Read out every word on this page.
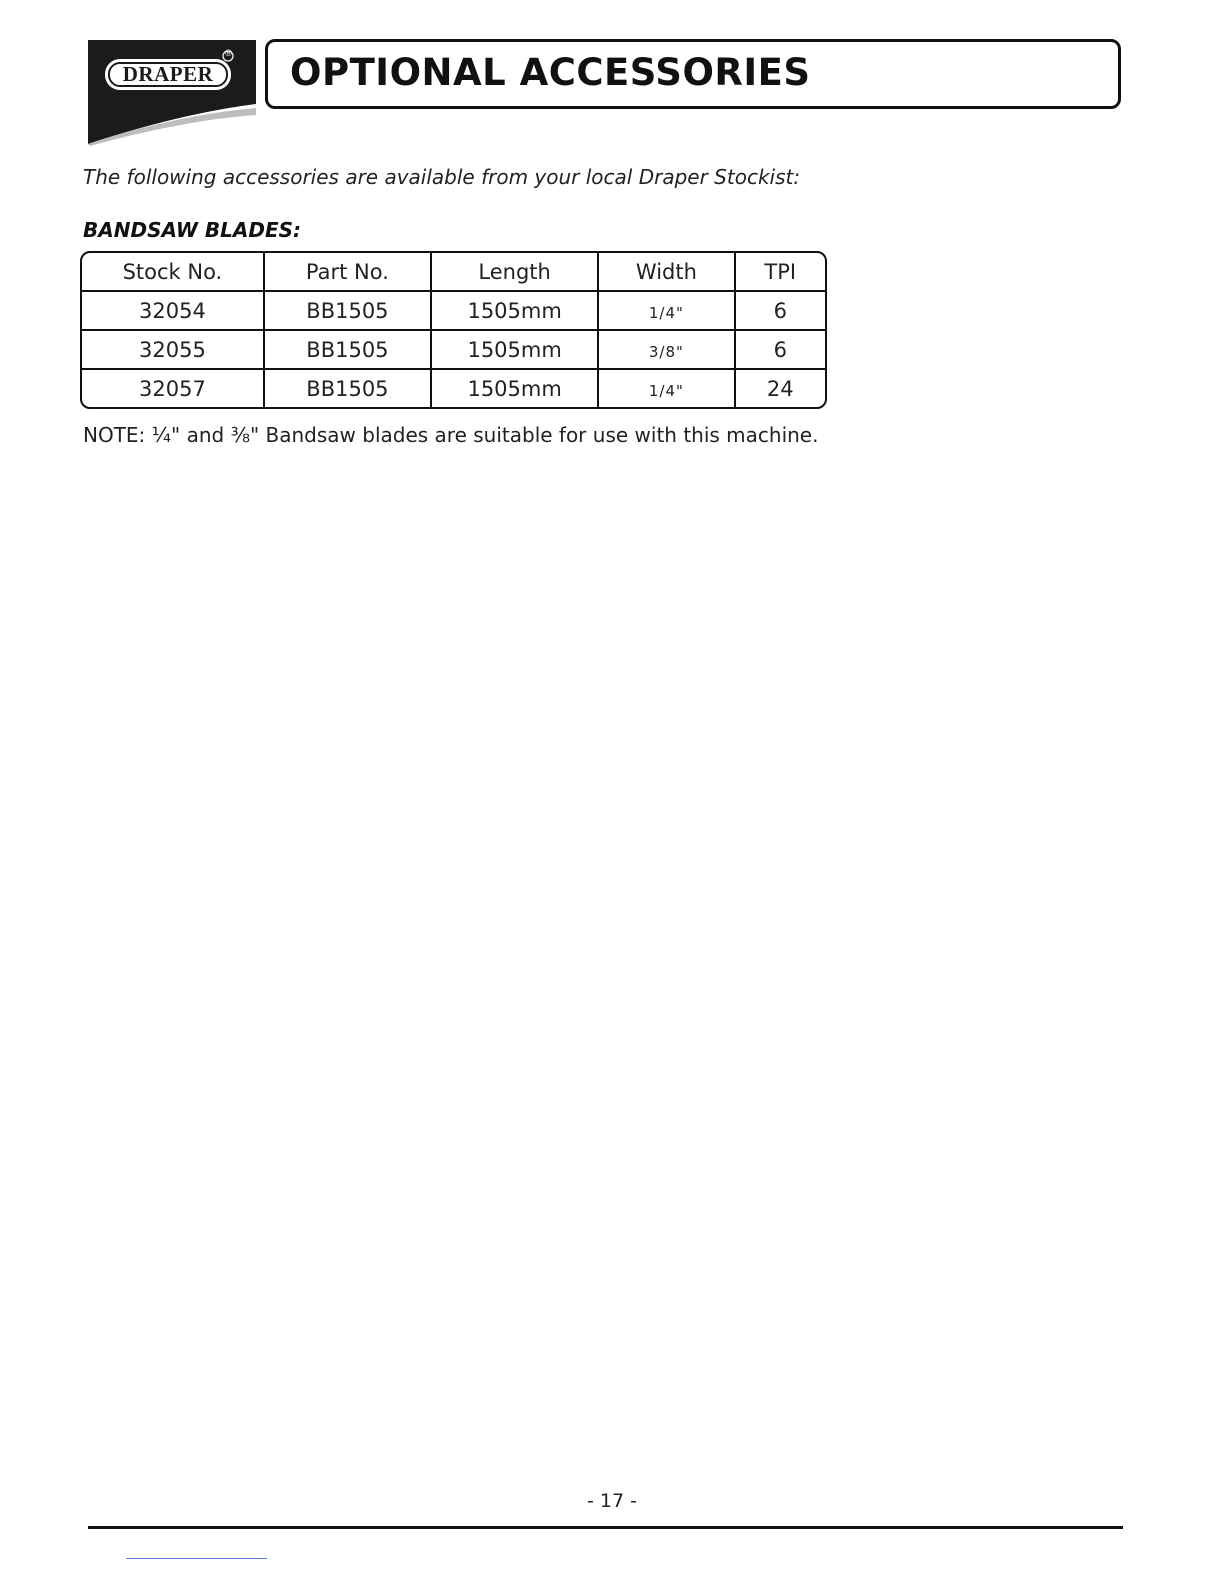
DRAPER
® OPTIONAL ACCESSORIES
The following accessories are available from your local Draper Stockist:
BANDSAW BLADES:
Stock No.	Part No.	Length	Width	TPI
32054	BB1505	1505mm	1/4"	6
32055	BB1505	1505mm	3/8"	6
32057	BB1505	1505mm	1/4"	24
NOTE: ¼" and ⅜" Bandsaw blades are suitable for use with this machine.
- 17 -
